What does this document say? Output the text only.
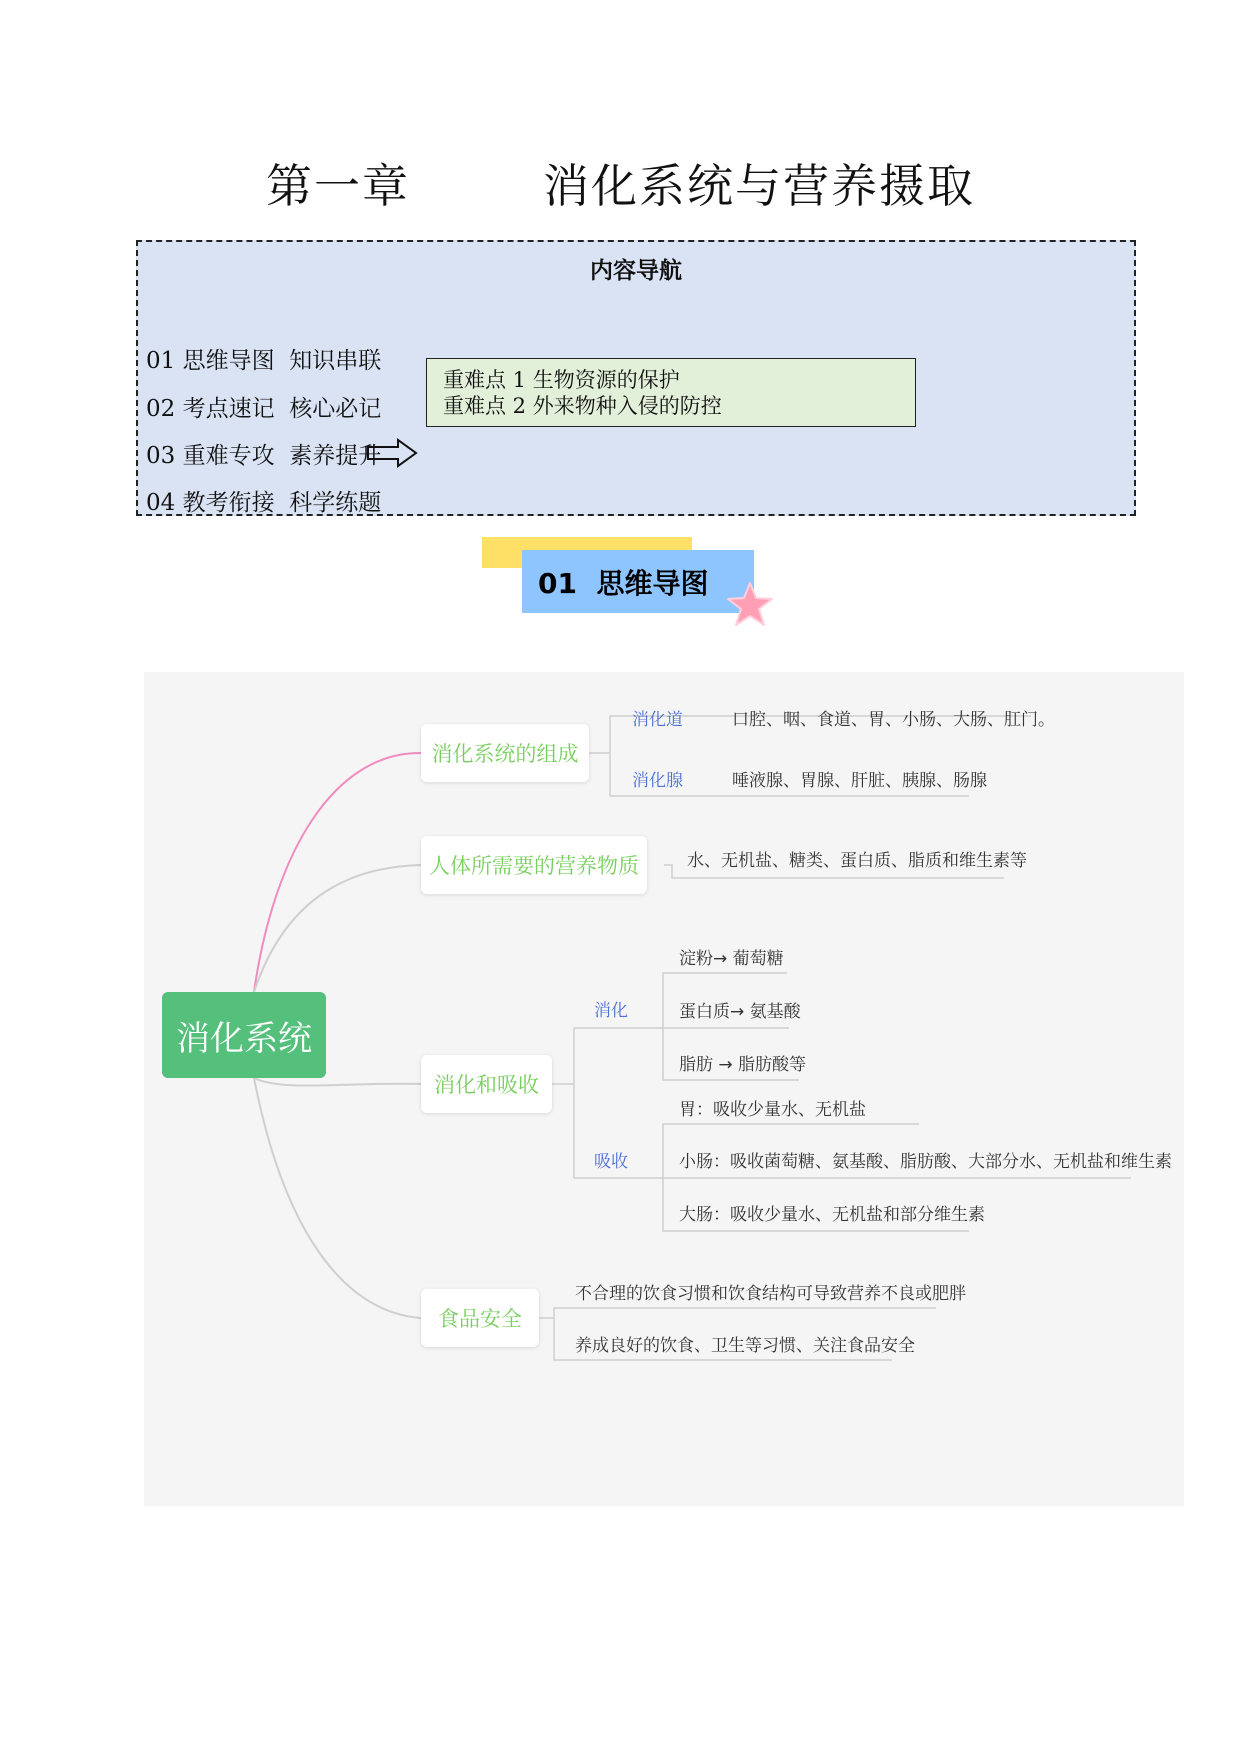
第一章        消化系统与营养摄取
内容导航
01 思维导图  知识串联
02 考点速记  核心必记
03 重难专攻  素养提升
04 教考衔接  科学练题
重难点 1 生物资源的保护
重难点 2 外来物种入侵的防控
01  思维导图
消化系统
消化系统的组成
人体所需要的营养物质
消化和吸收
食品安全
消化道	口腔、咽、食道、胃、小肠、大肠、肛门。
消化腺	唾液腺、胃腺、肝脏、胰腺、肠腺
水、无机盐、糖类、蛋白质、脂质和维生素等
消化
淀粉→ 葡萄糖
蛋白质→ 氨基酸
脂肪 → 脂肪酸等
吸收
胃：吸收少量水、无机盐
小肠：吸收菌萄糖、氨基酸、脂肪酸、大部分水、无机盐和维生素
大肠：吸收少量水、无机盐和部分维生素
不合理的饮食习惯和饮食结构可导致营养不良或肥胖
养成良好的饮食、卫生等习惯、关注食品安全
